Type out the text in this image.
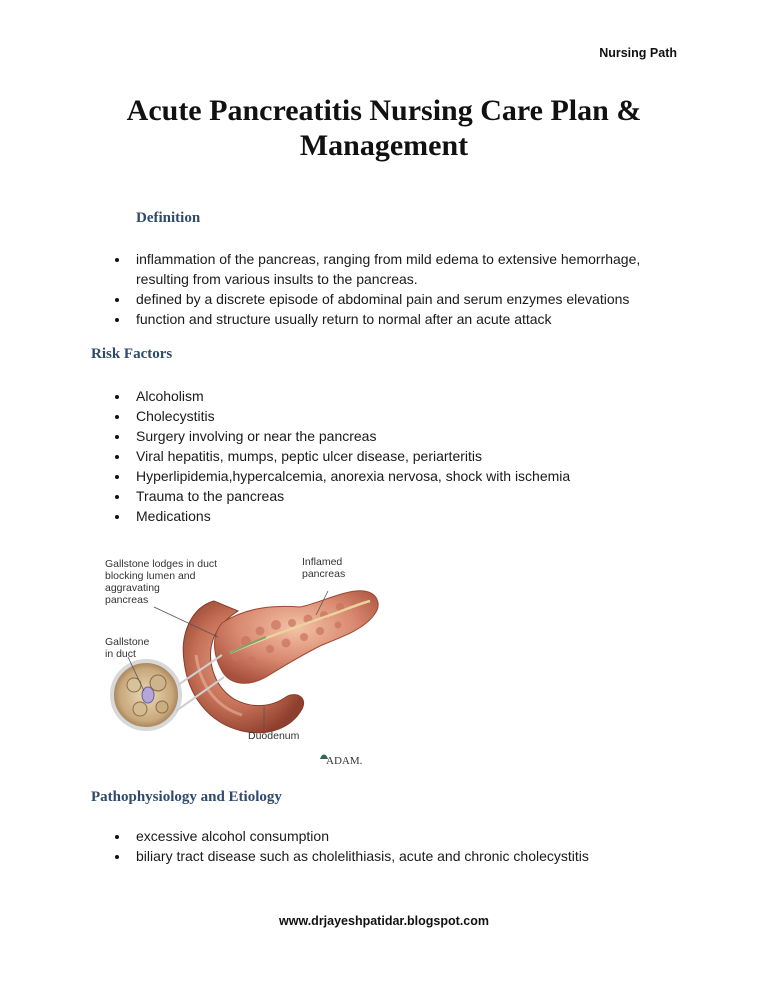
Nursing Path
Acute Pancreatitis Nursing Care Plan &
Management
Definition
inflammation of the pancreas, ranging from mild edema to extensive hemorrhage, resulting from various insults to the pancreas.
defined by a discrete episode of abdominal pain and serum enzymes elevations
function and structure usually return to normal after an acute attack
Risk Factors
Alcoholism
Cholecystitis
Surgery involving or near the pancreas
Viral hepatitis, mumps, peptic ulcer disease, periarteritis
Hyperlipidemia,hypercalcemia, anorexia nervosa, shock with ischemia
Trauma to the pancreas
Medications
Gallstone lodges in duct blocking lumen and aggravating pancreas
Inflamed pancreas
Gallstone in duct
Duodenum
ADAM.
Pathophysiology and Etiology
excessive alcohol consumption
biliary tract disease such as cholelithiasis, acute and chronic cholecystitis
www.drjayeshpatidar.blogspot.com
